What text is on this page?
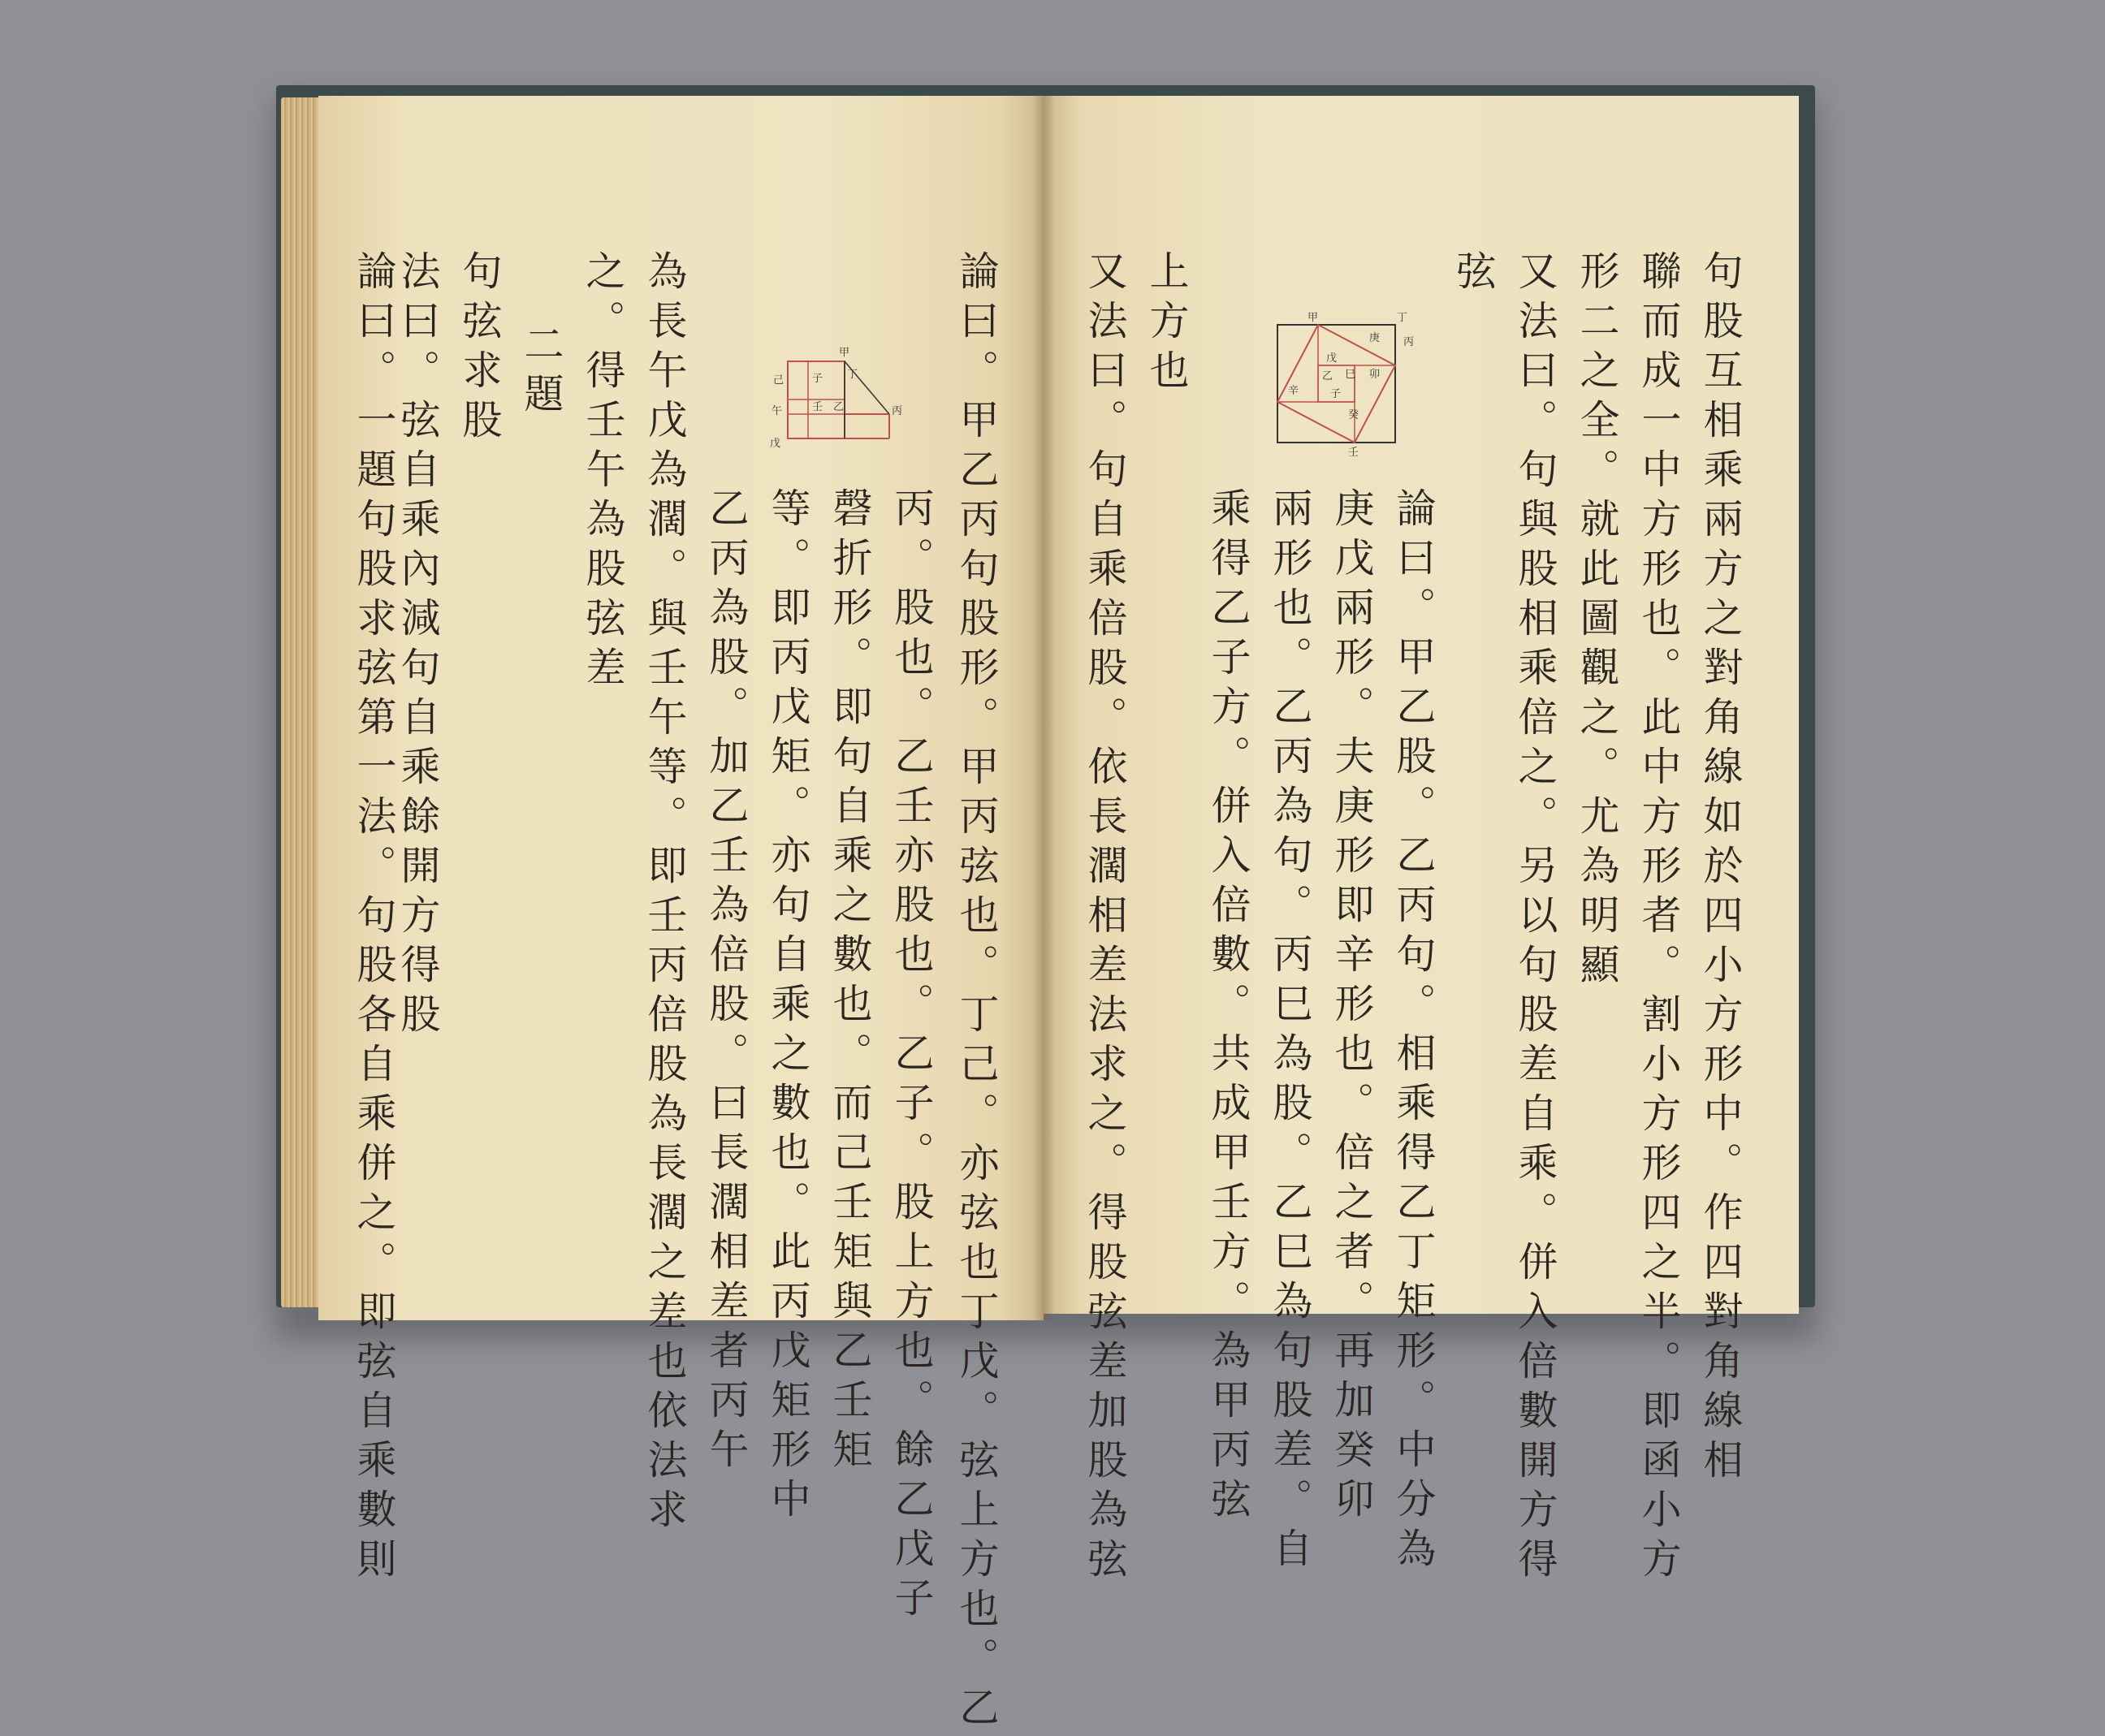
論曰。甲乙丙句股形。甲丙弦也。丁己。亦弦也丁戊。弦上方也。乙
丙。股也。乙壬亦股也。乙子。股上方也。餘乙戊子
磬折形。即句自乘之數也。而己壬矩與乙壬矩
等。即丙戊矩。亦句自乘之數也。此丙戊矩形中
乙丙為股。加乙壬為倍股。曰長濶相差者丙午
為長午戊為濶。與壬午等。即壬丙倍股為長濶之差也依法求
之。得壬午為股弦差
二題
句弦求股
法曰。弦自乘內減句自乘餘開方得股
論曰。一題句股求弦第一法。句股各自乘併之。即弦自乘數則	甲
丁
子
壬 乙
午
戊
丙
己	句股互相乘兩方之對角線如於四小方形中。作四對角線相
聯而成一中方形也。此中方形者。割小方形四之半。即函小方
形二之全。就此圖觀之。尤為明顯
又法曰。句與股相乘倍之。另以句股差自乘。併入倍數開方得
弦
論曰。甲乙股。乙丙句。相乘得乙丁矩形。中分為
庚戊兩形。夫庚形即辛形也。倍之者。再加癸卯
兩形也。乙丙為句。丙巳為股。乙巳為句股差。自
乘得乙子方。併入倍數。共成甲壬方。為甲丙弦
上方也
又法曰。句自乘倍股。依長濶相差法求之。得股弦差加股為弦	甲
庚
丁
丙
戊
巳 卯
辛
乙
子
癸
壬
